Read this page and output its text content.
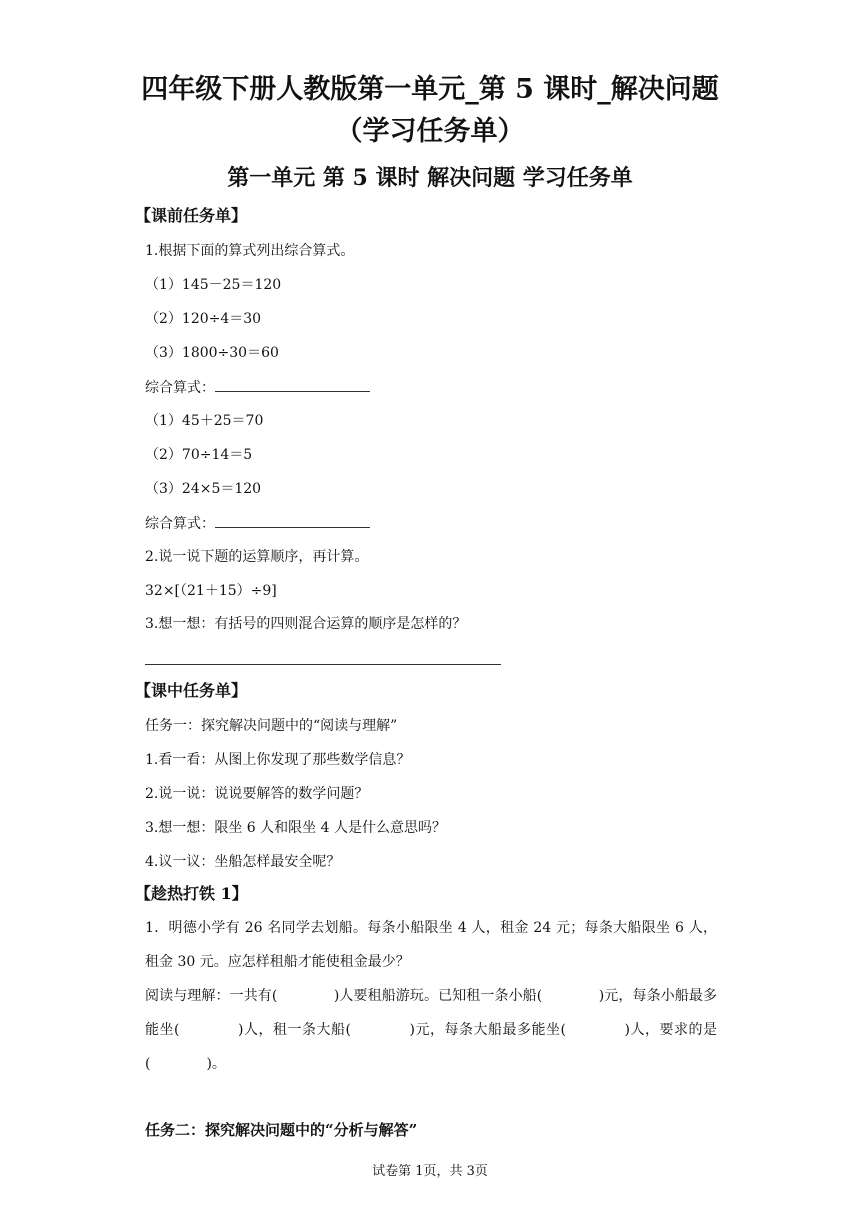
四年级下册人教版第一单元_第 5 课时_解决问题
（学习任务单）
第一单元 第 5 课时 解决问题 学习任务单
【课前任务单】
1.根据下面的算式列出综合算式。
（1）145－25＝120
（2）120÷4＝30
（3）1800÷30＝60
综合算式：
（1）45＋25＝70
（2）70÷14＝5
（3）24×5＝120
综合算式：
2.说一说下题的运算顺序，再计算。
32×[（21＋15）÷9]
3.想一想：有括号的四则混合运算的顺序是怎样的？
【课中任务单】
任务一：探究解决问题中的“阅读与理解”
1.看一看：从图上你发现了那些数学信息？
2.说一说：说说要解答的数学问题？
3.想一想：限坐 6 人和限坐 4 人是什么意思吗？
4.议一议：坐船怎样最安全呢？
【趁热打铁 1】
1．明德小学有 26 名同学去划船。每条小船限坐 4 人，租金 24 元；每条大船限坐 6 人，租金 30 元。应怎样租船才能使租金最少？
阅读与理解：一共有(　　　　)人要租船游玩。已知租一条小船(　　　　)元，每条小船最多能坐(　　　　)人，租一条大船(　　　　)元，每条大船最多能坐(　　　　)人，要求的是(　　　　)。
任务二：探究解决问题中的“分析与解答”
试卷第 1页，共 3页
